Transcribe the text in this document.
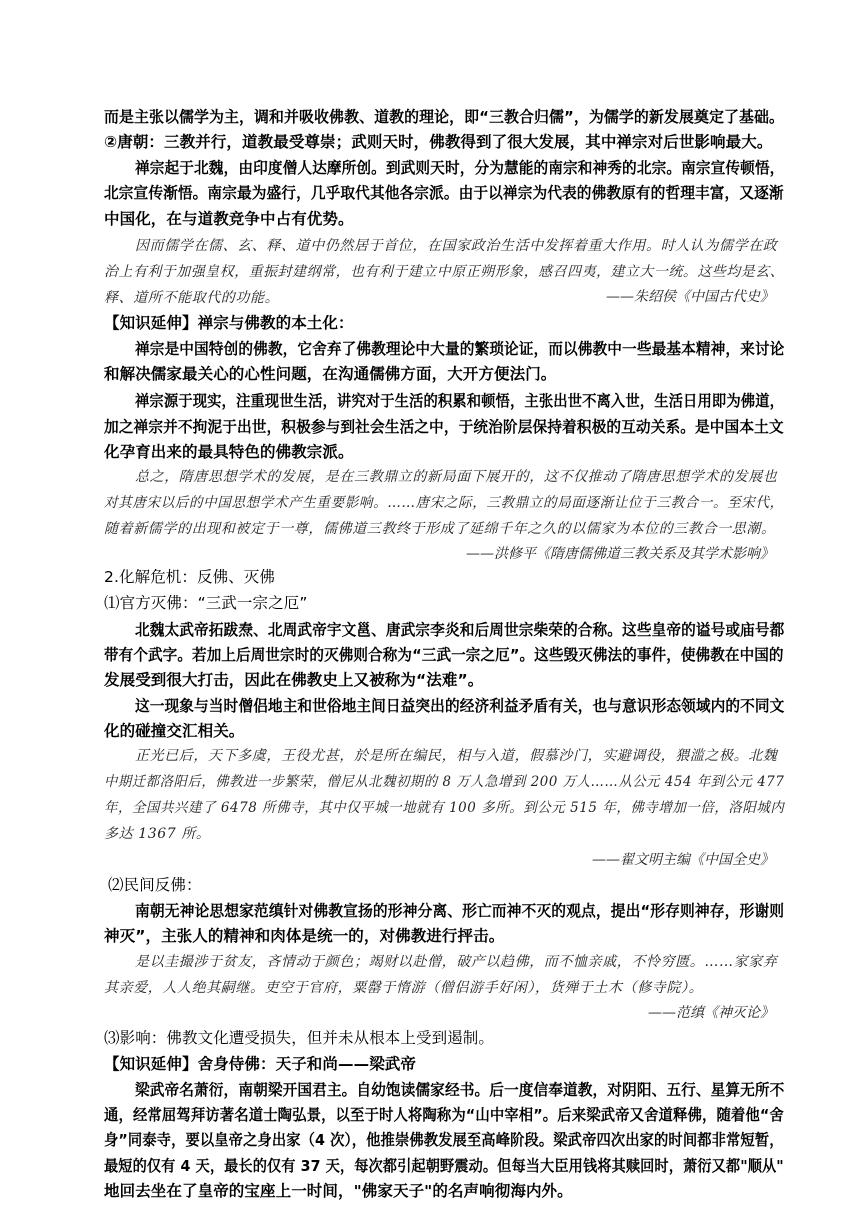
而是主张以儒学为主，调和并吸收佛教、道教的理论，即“三教合归儒”，为儒学的新发展奠定了基础。

②唐朝：三教并行，道教最受尊崇；武则天时，佛教得到了很大发展，其中禅宗对后世影响最大。

禅宗起于北魏，由印度僧人达摩所创。到武则天时，分为慧能的南宗和神秀的北宗。南宗宣传顿悟，

北宗宣传渐悟。南宗最为盛行，几乎取代其他各宗派。由于以禅宗为代表的佛教原有的哲理丰富，又逐渐

中国化，在与道教竞争中占有优势。

因而儒学在儒、玄、释、道中仍然居于首位，在国家政治生活中发挥着重大作用。时人认为儒学在政

治上有利于加强皇权，重振封建纲常，也有利于建立中原正朔形象，感召四夷，建立大一统。这些均是玄、

释、道所不能取代的功能。	——朱绍侯《中国古代史》

【知识延伸】禅宗与佛教的本土化：

禅宗是中国特创的佛教，它舍弃了佛教理论中大量的繁琐论证，而以佛教中一些最基本精神，来讨论

和解决儒家最关心的心性问题，在沟通儒佛方面，大开方便法门。

禅宗源于现实，注重现世生活，讲究对于生活的积累和顿悟，主张出世不离入世，生活日用即为佛道，

加之禅宗并不拘泥于出世，积极参与到社会生活之中，于统治阶层保持着积极的互动关系。是中国本土文

化孕育出来的最具特色的佛教宗派。

总之，隋唐思想学术的发展，是在三教鼎立的新局面下展开的，这不仅推动了隋唐思想学术的发展也

对其唐宋以后的中国思想学术产生重要影响。……唐宋之际，三教鼎立的局面逐渐让位于三教合一。至宋代，

随着新儒学的出现和被定于一尊，儒佛道三教终于形成了延绵千年之久的以儒家为本位的三教合一思潮。

——洪修平《隋唐儒佛道三教关系及其学术影响》

2.化解危机：反佛、灭佛

⑴官方灭佛：“三武一宗之厄”

北魏太武帝拓跋焘、北周武帝宇文邕、唐武宗李炎和后周世宗柴荣的合称。这些皇帝的谥号或庙号都

带有个武字。若加上后周世宗时的灭佛则合称为“三武一宗之厄”。这些毁灭佛法的事件，使佛教在中国的

发展受到很大打击，因此在佛教史上又被称为“法难”。

这一现象与当时僧侣地主和世俗地主间日益突出的经济利益矛盾有关，也与意识形态领域内的不同文

化的碰撞交汇相关。

正光已后，天下多虞，王役尤甚，於是所在编民，相与入道，假慕沙门，实避调役，猥滥之极。北魏

中期迁都洛阳后，佛教进一步繁荣，僧尼从北魏初期的 8 万人急增到 200 万人……从公元 454 年到公元 477

年，全国共兴建了 6478 所佛寺，其中仅平城一地就有 100 多所。到公元 515 年，佛寺增加一倍，洛阳城内

多达 1367 所。

——翟文明主编《中国全史》

⑵民间反佛：

南朝无神论思想家范缜针对佛教宣扬的形神分离、形亡而神不灭的观点，提出“形存则神存，形谢则

神灭”，主张人的精神和肉体是统一的，对佛教进行抨击。

是以圭撮涉于贫友，吝情动于颜色；竭财以赴僧，破产以趋佛，而不恤亲戚，不怜穷匮。……家家弃

其亲爱，人人绝其嗣继。吏空于官府，粟罄于惰游（僧侣游手好闲），货殚于土木（修寺院）。

——范缜《神灭论》

⑶影响：佛教文化遭受损失，但并未从根本上受到遏制。

【知识延伸】舍身侍佛：天子和尚——梁武帝

梁武帝名萧衍，南朝梁开国君主。自幼饱读儒家经书。后一度信奉道教，对阴阳、五行、星算无所不

通，经常屈驾拜访著名道士陶弘景，以至于时人将陶称为“山中宰相”。后来梁武帝又舍道释佛，随着他“舍

身”同泰寺，要以皇帝之身出家（4 次），他推崇佛教发展至高峰阶段。梁武帝四次出家的时间都非常短暂，

最短的仅有 4 天，最长的仅有 37 天，每次都引起朝野震动。但每当大臣用钱将其赎回时，萧衍又都"顺从"

地回去坐在了皇帝的宝座上一时间，"佛家天子"的名声响彻海内外。
